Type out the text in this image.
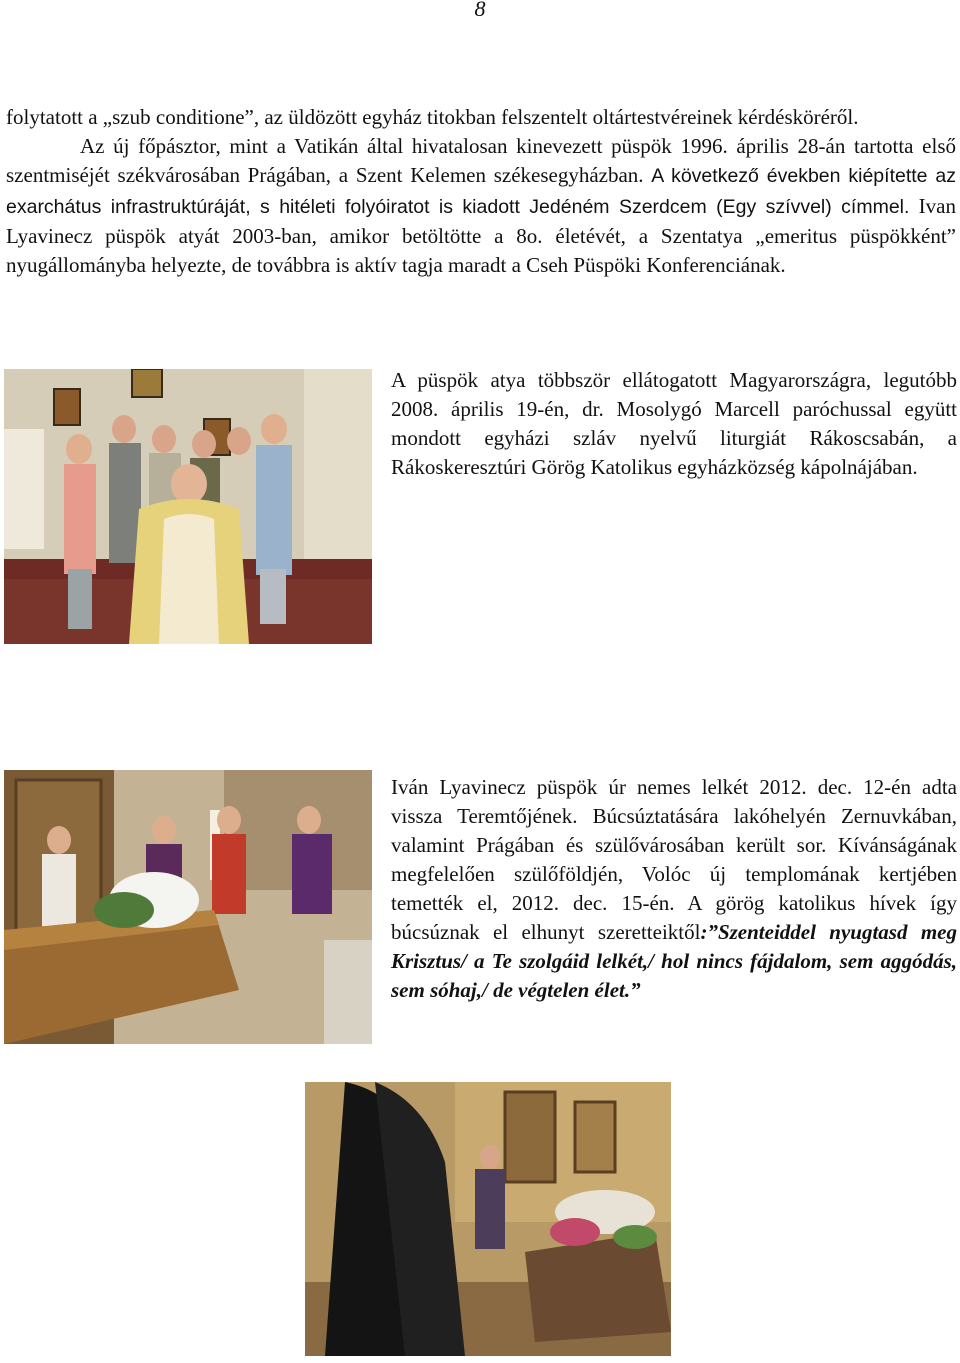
8

folytatott a „szub conditione”, az üldözött egyház titokban felszentelt oltártestvéreinek kérdésköréről.

Az új főpásztor, mint a Vatikán által hivatalosan kinevezett püspök 1996. április 28-án tartotta első szentmiséjét székvárosában Prágában, a Szent Kelemen székesegyházban. A következő években kiépítette az exarchátus infrastruktúráját, s hitéleti folyóiratot is kiadott Jedéném Szerdcem (Egy szívvel) címmel. Ivan Lyavinecz püspök atyát 2003-ban, amikor betöltötte a 8o. életévét, a Szentatya „emeritus püspökként” nyugállományba helyezte, de továbbra is aktív tagja maradt a Cseh Püspöki Konferenciának.

A püspök atya többször ellátogatott Magyarországra, legutóbb 2008. április 19-én, dr. Mosolygó Marcell paróchussal együtt mondott egyházi szláv nyelvű liturgiát Rákoscsabán, a Rákoskeresztúri Görög Katolikus egyházközség kápolnájában.
Iván Lyavinecz püspök úr nemes lelkét 2012. dec. 12-én adta vissza Teremtőjének. Búcsúztatására lakóhelyén Zernuvkában, valamint Prágában és szülővárosában került sor. Kívánságának megfelelően szülőföldjén, Volóc új templomának kertjében temették el, 2012. dec. 15-én. A görög katolikus hívek így búcsúznak el elhunyt szeretteiktől:”Szenteiddel nyugtasd meg Krisztus/ a Te szolgáid lelkét,/ hol nincs fájdalom, sem aggódás, sem sóhaj,/ de végtelen élet.”
